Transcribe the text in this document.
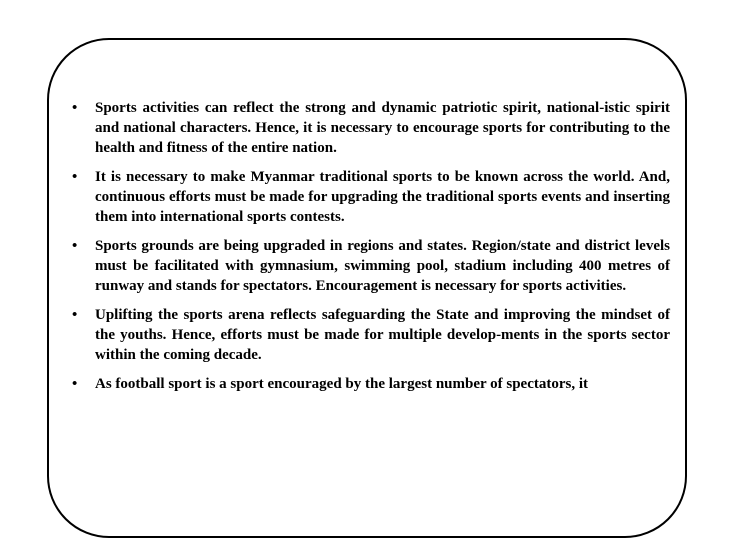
• Sports activities can reflect the strong and dynamic patriotic spirit, national-istic spirit and national characters. Hence, it is necessary to encourage sports for contributing to the health and fitness of the entire nation.
• It is necessary to make Myanmar traditional sports to be known across the world. And, continuous efforts must be made for upgrading the traditional sports events and inserting them into international sports contests.
• Sports grounds are being upgraded in regions and states. Region/state and district levels must be facilitated with gymnasium, swimming pool, stadium including 400 metres of runway and stands for spectators. Encouragement is necessary for sports activities.
• Uplifting the sports arena reflects safeguarding the State and improving the mindset of the youths. Hence, efforts must be made for multiple develop-ments in the sports sector within the coming decade.
• As football sport is a sport encouraged by the largest number of spectators, it
